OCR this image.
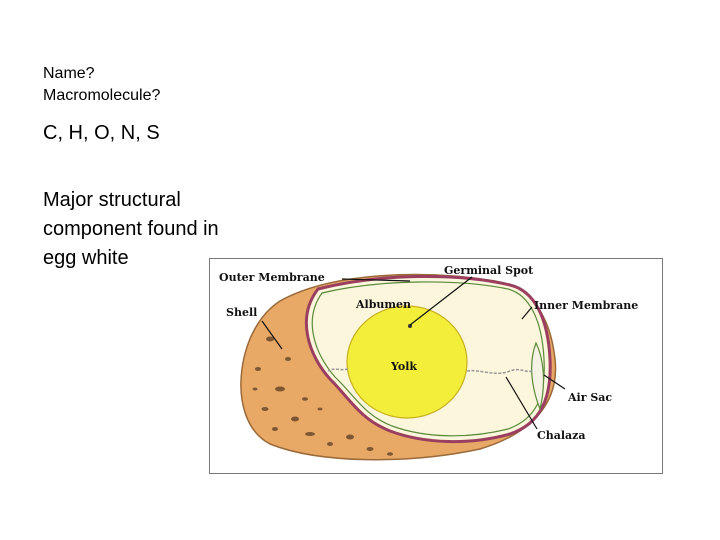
Name?
Macromolecule?
C, H, O, N, S
Major structural component found in egg white
Outer Membrane
Germinal Spot
Shell
Albumen	Inner Membrane
Yolk
Air Sac
Chalaza
